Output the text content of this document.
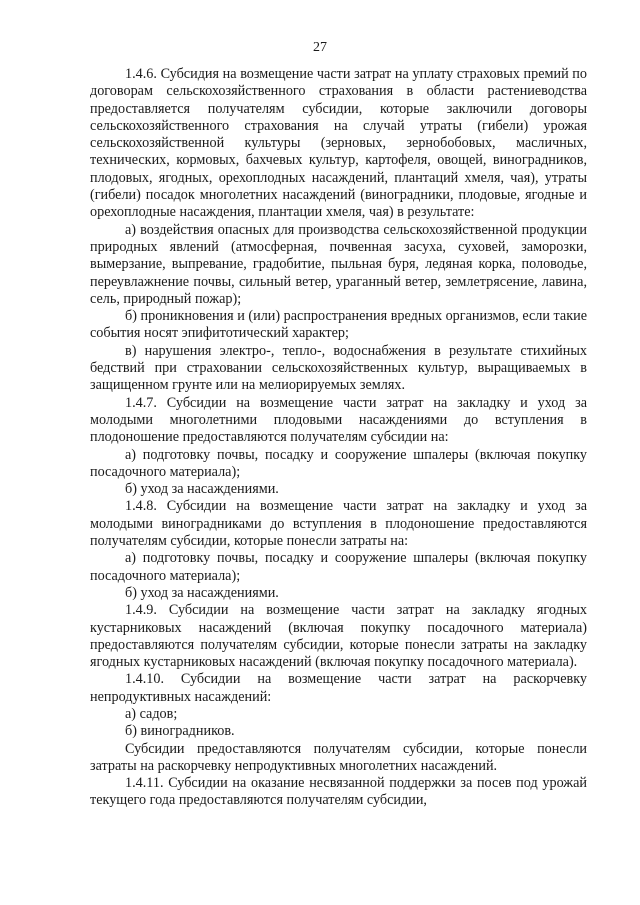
27

1.4.6. Субсидия на возмещение части затрат на уплату страховых премий по договорам сельскохозяйственного страхования в области растениеводства предоставляется получателям субсидии, которые заключили договоры сельскохозяйственного страхования на случай утраты (гибели) урожая сельскохозяйственной культуры (зерновых, зернобобовых, масличных, технических, кормовых, бахчевых культур, картофеля, овощей, виноградников, плодовых, ягодных, орехоплодных насаждений, плантаций хмеля, чая), утраты (гибели) посадок многолетних насаждений (виноградники, плодовые, ягодные и орехоплодные насаждения, плантации хмеля, чая) в результате:

а) воздействия опасных для производства сельскохозяйственной продукции природных явлений (атмосферная, почвенная засуха, суховей, заморозки, вымерзание, выпревание, градобитие, пыльная буря, ледяная корка, половодье, переувлажнение почвы, сильный ветер, ураганный ветер, землетрясение, лавина, сель, природный пожар);

б) проникновения и (или) распространения вредных организмов, если такие события носят эпифитотический характер;

в) нарушения электро-, тепло-, водоснабжения в результате стихийных бедствий при страховании сельскохозяйственных культур, выращиваемых в защищенном грунте или на мелиорируемых землях.

1.4.7. Субсидии на возмещение части затрат на закладку и уход за молодыми многолетними плодовыми насаждениями до вступления в плодоношение предоставляются получателям субсидии на:

а) подготовку почвы, посадку и сооружение шпалеры (включая покупку посадочного материала);

б) уход за насаждениями.

1.4.8. Субсидии на возмещение части затрат на закладку и уход за молодыми виноградниками до вступления в плодоношение предоставляются получателям субсидии, которые понесли затраты на:

а) подготовку почвы, посадку и сооружение шпалеры (включая покупку посадочного материала);

б) уход за насаждениями.

1.4.9. Субсидии на возмещение части затрат на закладку ягодных кустарниковых насаждений (включая покупку посадочного материала) предоставляются получателям субсидии, которые понесли затраты на закладку ягодных кустарниковых насаждений (включая покупку посадочного материала).

1.4.10. Субсидии на возмещение части затрат на раскорчевку непродуктивных насаждений:

а) садов;

б) виноградников.

Субсидии предоставляются получателям субсидии, которые понесли затраты на раскорчевку непродуктивных многолетних насаждений.

1.4.11. Субсидии на оказание несвязанной поддержки за посев под урожай текущего года предоставляются получателям субсидии,
